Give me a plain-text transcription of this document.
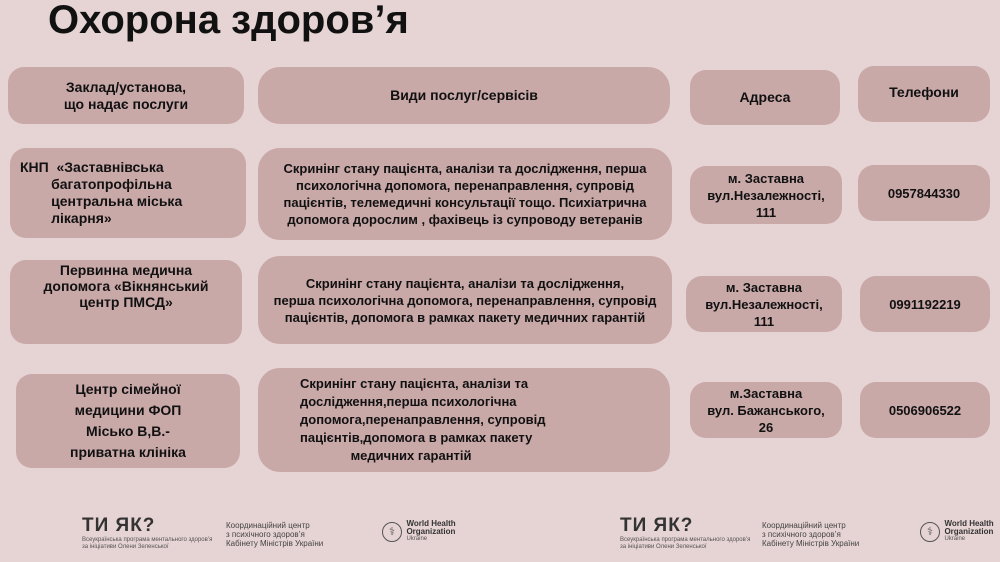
Охорона здоров’я
Заклад/установа,
що надає послуги
Види послуг/сервісів	Адреса	Телефони
КНП  «Заставнівська
багатопрофільна
центральна міська
лікарня»
Скринінг стану пацієнта, аналізи та дослідження, перша психологічна допомога, перенаправлення, супровід пацієнтів, телемедичні консультації тощо. Психіатрична допомога дорослим , фахівець із супроводу ветеранів
м. Заставна
вул.Незалежності,
111
0957844330
Первинна медична
допомога «Вікнянський
центр ПМСД»
Скринінг стану пацієнта, аналізи та дослідження,
перша психологічна допомога, перенаправлення, супровід
пацієнтів, допомога в рамках пакету медичних гарантій
м. Заставна
вул.Незалежності,
111
0991192219
Центр сімейної
медицини ФОП
Місько В,В.-
приватна клініка
Скринінг стану пацієнта, аналізи та
дослідження,перша психологічна
допомога,перенаправлення, супровід
пацієнтів,допомога в рамках пакету
медичних гарантій
м.Заставна
вул. Бажанського, 26
0506906522
ТИ ЯК?
Всеукраїнська програма ментального здоров’я
за ініціативи Олени Зеленської
Координаційний центр
з психічного здоров’я
Кабінету Міністрів України
⚕
World Health
Organization
Ukraine
ТИ ЯК?
Всеукраїнська програма ментального здоров’я
за ініціативи Олени Зеленської
Координаційний центр
з психічного здоров’я
Кабінету Міністрів України
⚕
World Health
Organization
Ukraine
